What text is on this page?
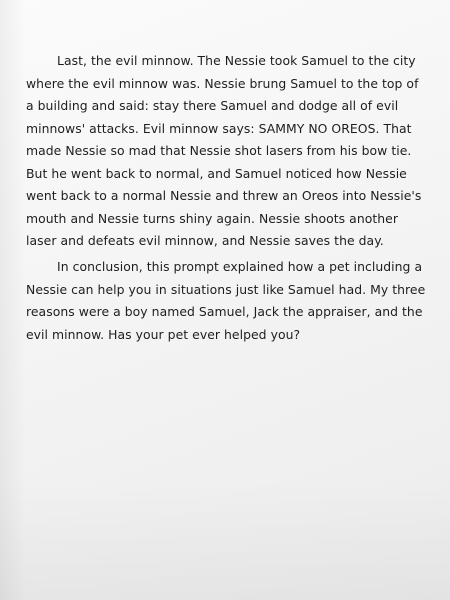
Last, the evil minnow. The Nessie took Samuel to the city where the evil minnow was. Nessie brung Samuel to the top of a building and said: stay there Samuel and dodge all of evil minnows' attacks. Evil minnow says: SAMMY NO OREOS. That made Nessie so mad that Nessie shot lasers from his bow tie. But he went back to normal, and Samuel noticed how Nessie went back to a normal Nessie and threw an Oreos into Nessie's mouth and Nessie turns shiny again. Nessie shoots another laser and defeats evil minnow, and Nessie saves the day.

In conclusion, this prompt explained how a pet including a Nessie can help you in situations just like Samuel had. My three reasons were a boy named Samuel, Jack the appraiser, and the evil minnow. Has your pet ever helped you?
